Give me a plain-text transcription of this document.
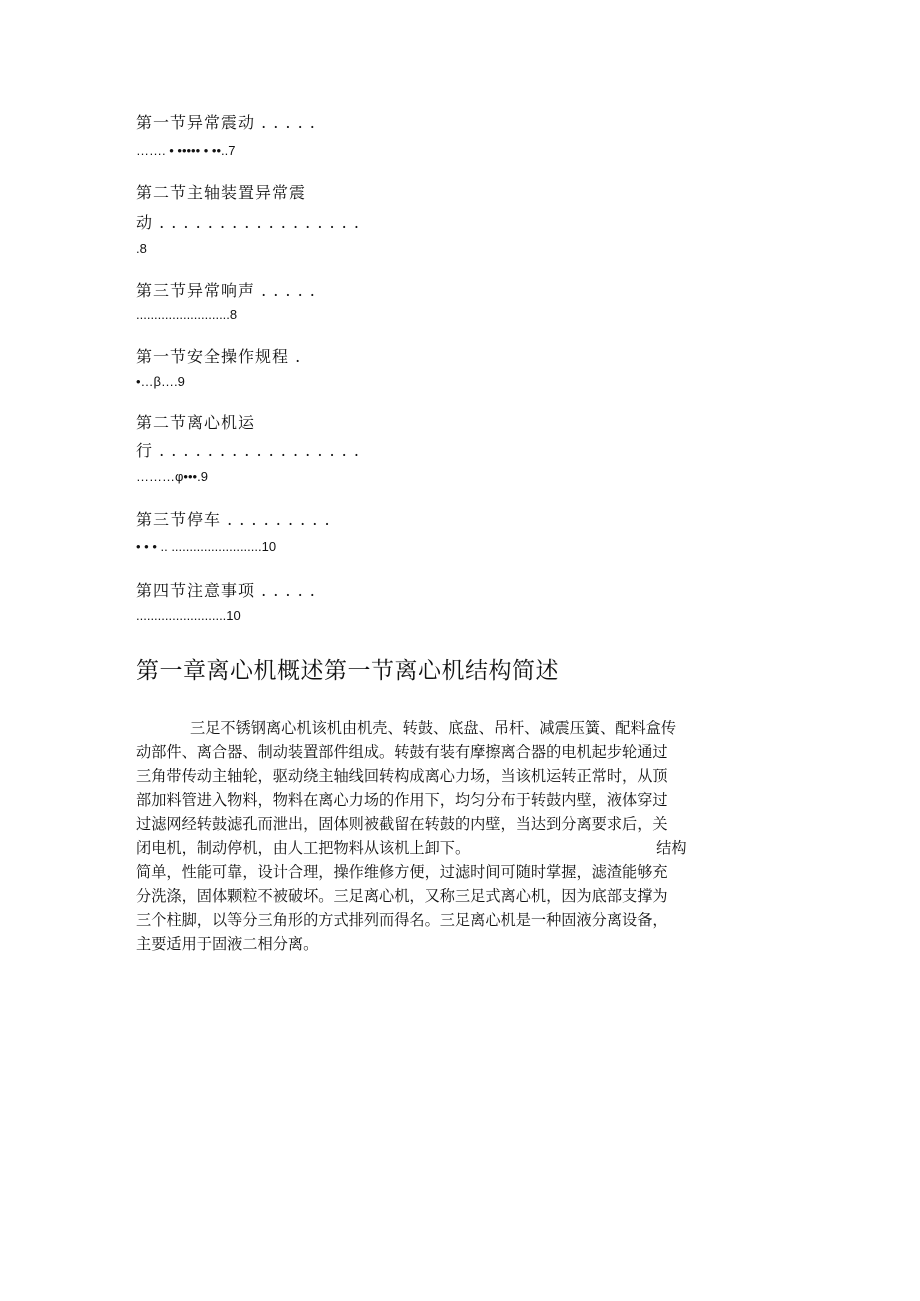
第一节异常震动 . . . . .
……. • ••••• • ••..7
第二节主轴装置异常震
动 . . . . . . . . . . . . . . . . .
.8
第三节异常响声 . . . . .
..........................8
第一节安全操作规程 .
•…β….9
第二节离心机运
行 . . . . . . . . . . . . . . . . .
………φ•••.9
第三节停车 . . . . . . . . .
• • • .. .........................10
第四节注意事项 . . . . .
.........................10
第一章离心机概述第一节离心机结构简述
三足不锈钢离心机该机由机壳、转鼓、底盘、吊杆、减震压簧、配料盒传
动部件、离合器、制动装置部件组成。转鼓有装有摩擦离合器的电机起步轮通过
三角带传动主轴轮，驱动绕主轴线回转构成离心力场，当该机运转正常时，从顶
部加料管进入物料，物料在离心力场的作用下，均匀分布于转鼓内壁，液体穿过
过滤网经转鼓滤孔而泄出，固体则被截留在转鼓的内壁，当达到分离要求后，关
闭电机，制动停机，由人工把物料从该机上卸下。	结构
简单，性能可靠，设计合理，操作维修方便，过滤时间可随时掌握，滤渣能够充
分洗涤，固体颗粒不被破坏。三足离心机，又称三足式离心机，因为底部支撑为
三个柱脚，以等分三角形的方式排列而得名。三足离心机是一种固液分离设备，
主要适用于固液二相分离。
